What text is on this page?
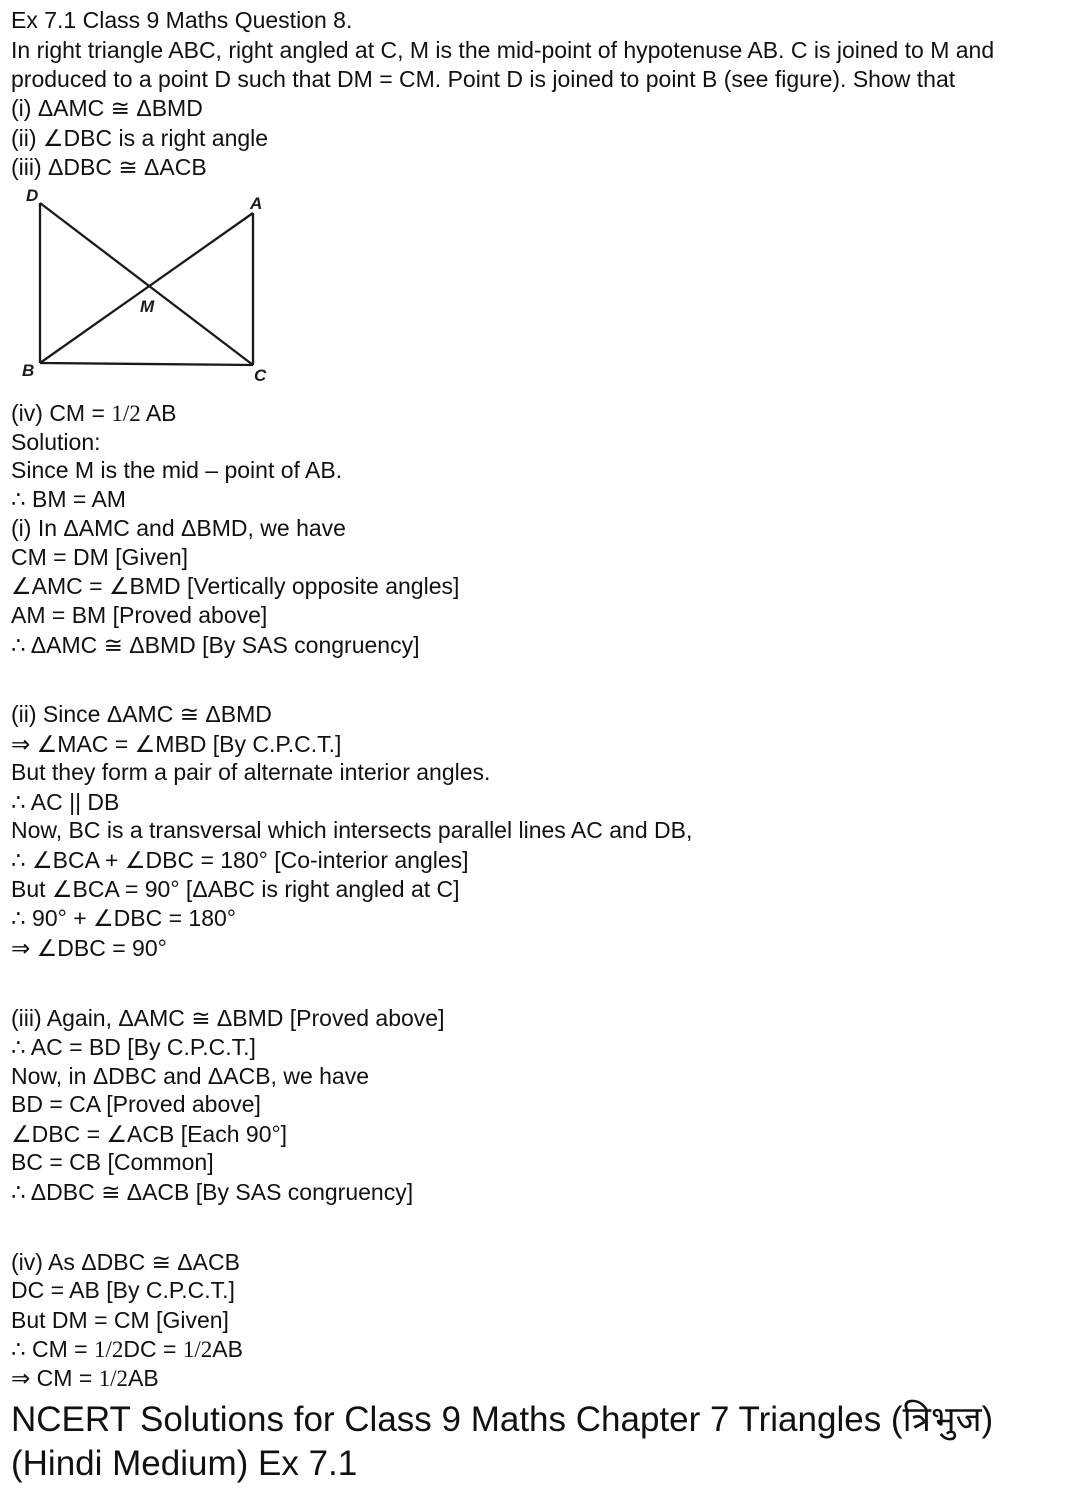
Ex 7.1 Class 9 Maths Question 8.
In right triangle ABC, right angled at C, M is the mid-point of hypotenuse AB. C is joined to M and
produced to a point D such that DM = CM. Point D is joined to point B (see figure). Show that
(i) ΔAMC ≅ ΔBMD
(ii) ∠DBC is a right angle
(iii) ΔDBC ≅ ΔACB
D	A
M
B	C
(iv) CM = 1/2 AB
Solution:
Since M is the mid – point of AB.
∴ BM = AM
(i) In ΔAMC and ΔBMD, we have
CM = DM [Given]
∠AMC = ∠BMD [Vertically opposite angles]
AM = BM [Proved above]
∴ ΔAMC ≅ ΔBMD [By SAS congruency]
(ii) Since ΔAMC ≅ ΔBMD
⇒ ∠MAC = ∠MBD [By C.P.C.T.]
But they form a pair of alternate interior angles.
∴ AC || DB
Now, BC is a transversal which intersects parallel lines AC and DB,
∴ ∠BCA + ∠DBC = 180° [Co-interior angles]
But ∠BCA = 90° [ΔABC is right angled at C]
∴ 90° + ∠DBC = 180°
⇒ ∠DBC = 90°
(iii) Again, ΔAMC ≅ ΔBMD [Proved above]
∴ AC = BD [By C.P.C.T.]
Now, in ΔDBC and ΔACB, we have
BD = CA [Proved above]
∠DBC = ∠ACB [Each 90°]
BC = CB [Common]
∴ ΔDBC ≅ ΔACB [By SAS congruency]
(iv) As ΔDBC ≅ ΔACB
DC = AB [By C.P.C.T.]
But DM = CM [Given]
∴ CM = 1/2DC = 1/2AB
⇒ CM = 1/2AB
NCERT Solutions for Class 9 Maths Chapter 7 Triangles (त्रिभुज)
(Hindi Medium) Ex 7.1
